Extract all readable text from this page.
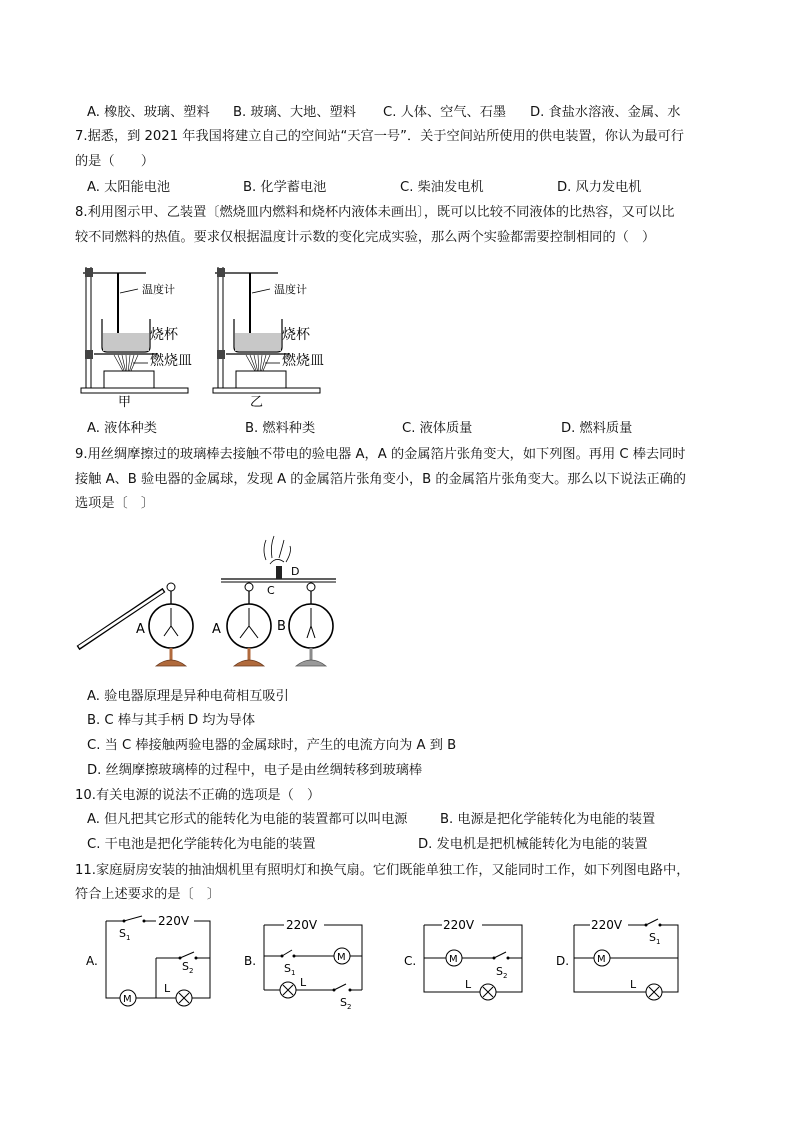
A. 橡胶、玻璃、塑料 B. 玻璃、大地、塑料 C. 人体、空气、石墨 D. 食盐水溶液、金属、水
7.据悉，到 2021 年我国将建立自己的空间站“天宫一号”．关于空间站所使用的供电装置，你认为最可行
的是（　　）
A. 太阳能电池	B. 化学蓄电池	C. 柴油发电机	D. 风力发电机
8.利用图示甲、乙装置〔燃烧皿内燃料和烧杯内液体未画出〕，既可以比较不同液体的比热容，又可以比
较不同燃料的热值。要求仅根据温度计示数的变化完成实验，那么两个实验都需要控制相同的（　）
温度计
烧杯
燃烧皿
甲
温度计
烧杯
燃烧皿
乙
A. 液体种类	B. 燃料种类	C. 液体质量	D. 燃料质量
9.用丝绸摩擦过的玻璃棒去接触不带电的验电器 A，A 的金属箔片张角变大，如下列图。再用 C 棒去同时
接触 A、B 验电器的金属球，发现 A 的金属箔片张角变小，B 的金属箔片张角变大。那么以下说法正确的
选项是〔　〕
A
C
D
A	B
A. 验电器原理是异种电荷相互吸引
B. C 棒与其手柄 D 均为导体
C. 当 C 棒接触两验电器的金属球时，产生的电流方向为 A 到 B
D. 丝绸摩擦玻璃棒的过程中，电子是由丝绸转移到玻璃棒
10.有关电源的说法不正确的选项是（　）
A. 但凡把其它形式的能转化为电能的装置都可以叫电源 B. 电源是把化学能转化为电能的装置
C. 干电池是把化学能转化为电能的装置	D. 发电机是把机械能转化为电能的装置
11.家庭厨房安装的抽油烟机里有照明灯和换气扇。它们既能单独工作，又能同时工作，如下列图电路中，
符合上述要求的是〔　〕
A.
$S_1$
220V
$S_2$
M
L
B.
220V
$S_1$
M
L
$S_2$
C.
220V
M
$S_2$
L
D.
220V
$S_1$
M
L
